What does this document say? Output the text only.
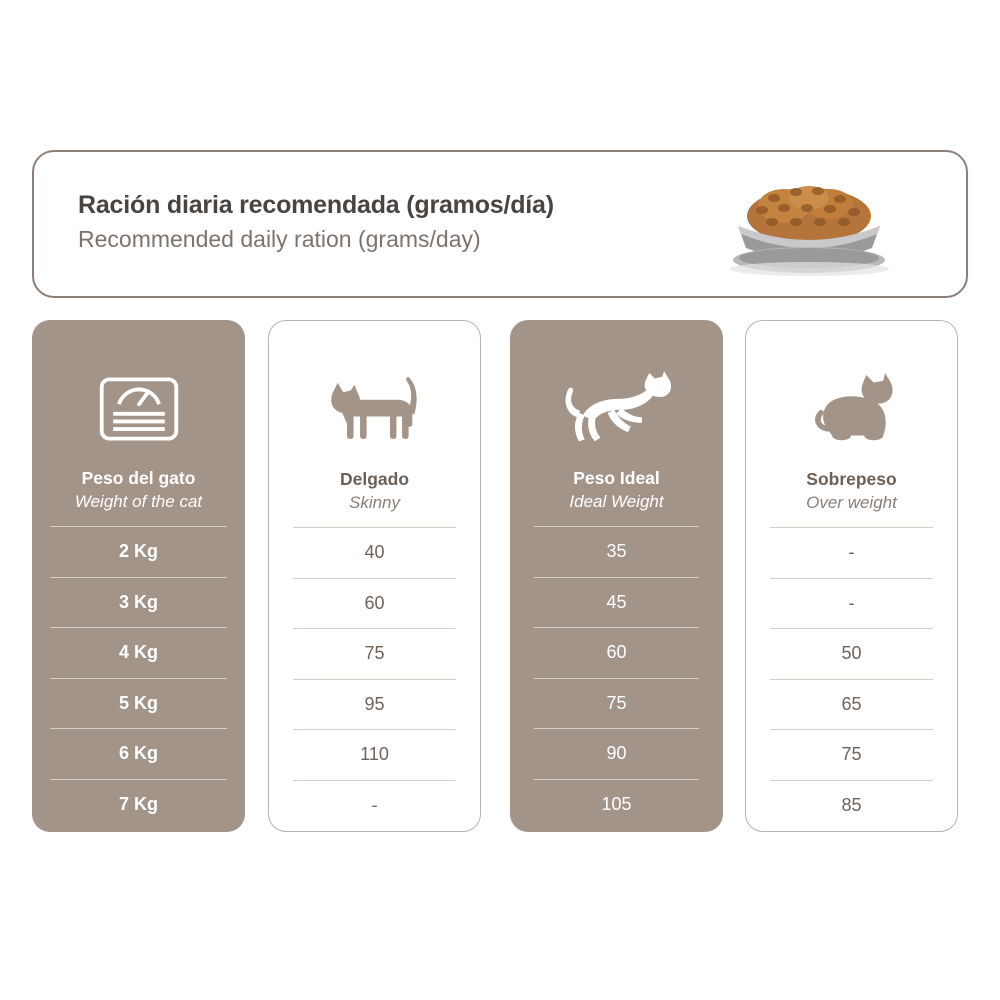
Ración diaria recomendada (gramos/día)
Recommended daily ration (grams/day)
Peso del gato
Weight of the cat
2 Kg
3 Kg
4 Kg
5 Kg
6 Kg
7 Kg
Delgado
Skinny
40
60
75
95
110
-
Peso Ideal
Ideal Weight
35
45
60
75
90
105
Sobrepeso
Over weight
-
-
50
65
75
85
